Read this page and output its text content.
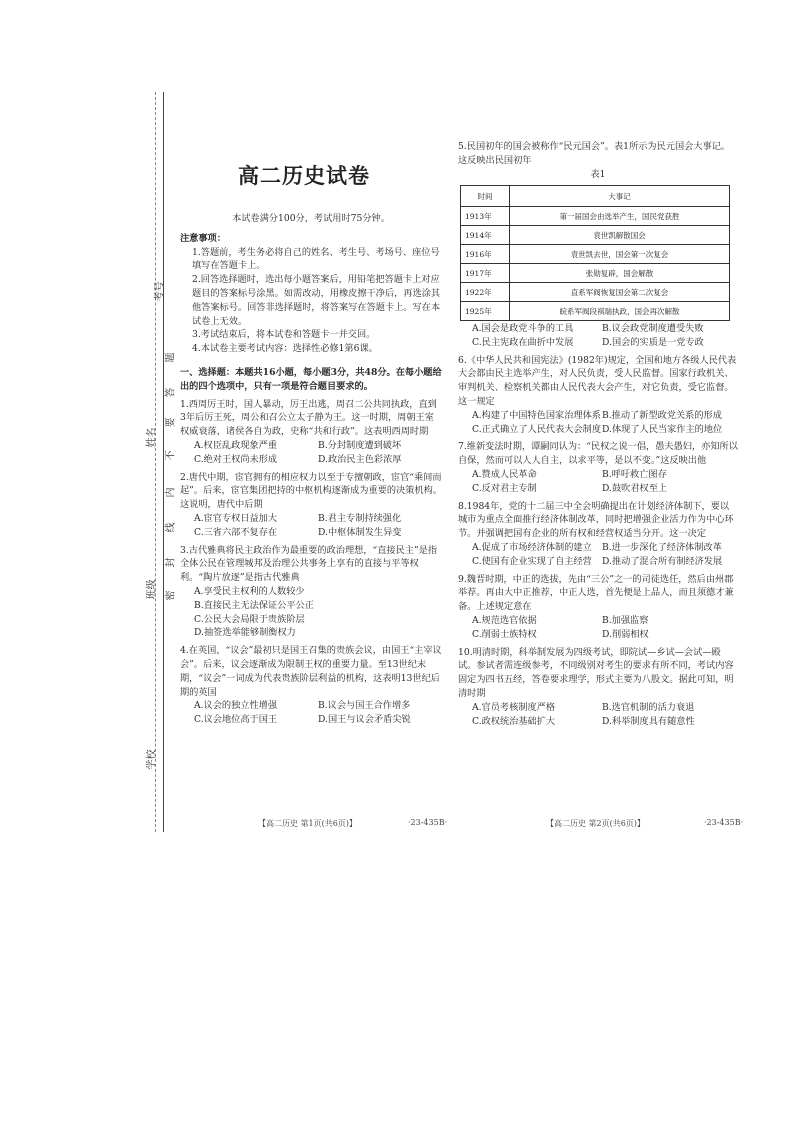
考号
姓名
班级
学校
题
答
要
不
内
线
封
密
高二历史试卷

本试卷满分100分，考试用时75分钟。

注意事项：

1.答题前，考生务必将自己的姓名、考生号、考场号、座位号填写在答题卡上。

2.回答选择题时，选出每小题答案后，用铅笔把答题卡上对应题目的答案标号涂黑。如需改动，用橡皮擦干净后，再选涂其他答案标号。回答非选择题时，将答案写在答题卡上。写在本试卷上无效。

3.考试结束后，将本试卷和答题卡一并交回。

4.本试卷主要考试内容：选择性必修1第6课。

一、选择题：本题共16小题，每小题3分，共48分。在每小题给出的四个选项中，只有一项是符合题目要求的。

1.西周厉王时，国人暴动，厉王出逃，周召二公共同执政，直到3年后厉王死，周公和召公立太子静为王。这一时期，周朝王室权威衰落，诸侯各自为政，史称“共和行政”。这表明西周时期

A.权臣乱政现象严重	B.分封制度遭到破坏
C.绝对王权尚未形成	D.政治民主色彩浓厚

2.唐代中期，宦官拥有的相应权力以至于专擅朝政，宦官“乘间而起”。后来，宦官集团把持的中枢机构逐渐成为重要的决策机构。这说明，唐代中后期

A.宦官专权日益加大	B.君主专制持续强化
C.三省六部不复存在	D.中枢体制发生异变

3.古代雅典将民主政治作为最重要的政治理想，“直接民主”是指全体公民在管理城邦及治理公共事务上享有的直接与平等权利。“陶片放逐”是指古代雅典

A.享受民主权利的人数较少

B.直接民主无法保证公平公正

C.公民大会局限于贵族阶层

D.抽签选举能够制衡权力

4.在英国，“议会”最初只是国王召集的贵族会议，由国王“主宰议会”。后来，议会逐渐成为限制王权的重要力量。至13世纪末期，“议会”一词成为代表贵族阶层利益的机构，这表明13世纪后期的英国

A.议会的独立性增强	B.议会与国王合作增多
C.议会地位高于国王	D.国王与议会矛盾尖锐

5.民国初年的国会被称作“民元国会”。表1所示为民元国会大事记。这反映出民国初年

表1

时间	大事记
1913年	第一届国会由选举产生，国民党获胜
1914年	袁世凯解散国会
1916年	袁世凯去世，国会第一次复会
1917年	张勋复辟，国会解散
1922年	直系军阀恢复国会第二次复会
1925年	皖系军阀段祺瑞执政，国会再次解散
A.国会是政党斗争的工具	B.议会政党制度遭受失败
C.民主宪政在曲折中发展	D.国会的实质是一党专政

6.《中华人民共和国宪法》(1982年)规定，全国和地方各级人民代表大会都由民主选举产生，对人民负责，受人民监督。国家行政机关、审判机关、检察机关都由人民代表大会产生，对它负责，受它监督。这一规定

A.构建了中国特色国家治理体系 B.推动了新型政党关系的形成
C.正式确立了人民代表大会制度 D.体现了人民当家作主的地位

7.维新变法时期，谭嗣同认为：“民权之说一倡，愚夫愚妇，亦知所以自保，然而可以人人自主，以求平等，是以不变。”这反映出他

A.赞成人民革命	B.呼吁救亡图存
C.反对君主专制	D.鼓吹君权至上

8.1984年，党的十二届三中全会明确提出在计划经济体制下，要以城市为重点全面推行经济体制改革，同时把增强企业活力作为中心环节。并强调把国有企业的所有权和经营权适当分开。这一决定

A.促成了市场经济体制的建立	B.进一步深化了经济体制改革
C.使国有企业实现了自主经营	D.推动了混合所有制经济发展

9.魏晋时期，中正的选拔，先由“三公”之一的司徒选任，然后由州郡举荐。再由大中正推荐，中正人选，首先便是上品人，而且须德才兼备。上述规定意在

A.规范选官依据	B.加强监察
C.削弱士族特权	D.削弱相权

10.明清时期，科举制发展为四级考试，即院试—乡试—会试—殿试。参试者需连级参考，不同级别对考生的要求有所不同，考试内容固定为四书五经，答卷要求理学，形式主要为八股文。据此可知，明清时期

A.官员考核制度严格	B.选官机制的活力衰退
C.政权统治基础扩大	D.科举制度具有随意性
【高二历史 第1页(共6页)】	·23-435B·	【高二历史 第2页(共6页)】	·23-435B·
